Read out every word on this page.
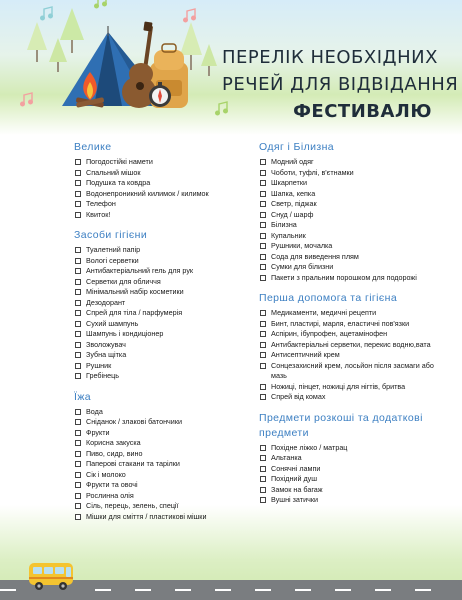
ПЕРЕЛІК НЕОБХІДНИХ
РЕЧЕЙ ДЛЯ ВІДВІДАННЯ
ФЕСТИВАЛЮ
Велике
Погодостійкі намети
Спальний мішок
Подушка та ковдра
Водонепроникний килимок / килимок
Телефон
Квиток!
Засоби гігієни
Туалетний папір
Вологі серветки
Антибактеріальний гель для рук
Серветки для обличчя
Мінімальний набір косметики
Дезодорант
Спрей для тіла / парфумерія
Сухий шампунь
Шампунь і кондиціонер
Зволожувач
Зубна щітка
Рушник
Гребінець
Їжа
Вода
Сніданок / злакові батончики
Фрукти
Корисна закуска
Пиво, сидр, вино
Паперові стакани та тарілки
Сік і молоко
Фрукти та овочі
Рослинна олія
Сіль, перець, зелень, спеції
Мішки для сміття / пластикові мішки
Одяг і Білизна
Модний одяг
Чоботи, туфлі, в'єтнамки
Шкарпетки
Шапка, кепка
Светр, піджак
Снуд / шарф
Білизна
Купальник
Рушники, мочалка
Сода для виведення плям
Сумки для білизни
Пакети з пральним порошком для подорожі
Перша допомога та гігієна
Медикаменти, медичні рецепти
Бинт, пластирі, марля, еластичні пов'язки
Аспірин, ібупрофен, ацетамінофен
Антибактеріальні серветки, перекис водню,вата
Антисептичний крем
Сонцезахисний крем, лосьйон після засмаги або мазь
Ножиці, пінцет, ножиці для нігтів, бритва
Спрей від комах
Предмети розкоші та додаткові предмети
Похідне ліжко / матрац
Альтанка
Сонячні лампи
Похідний душ
Замок на багаж
Вушні затички
